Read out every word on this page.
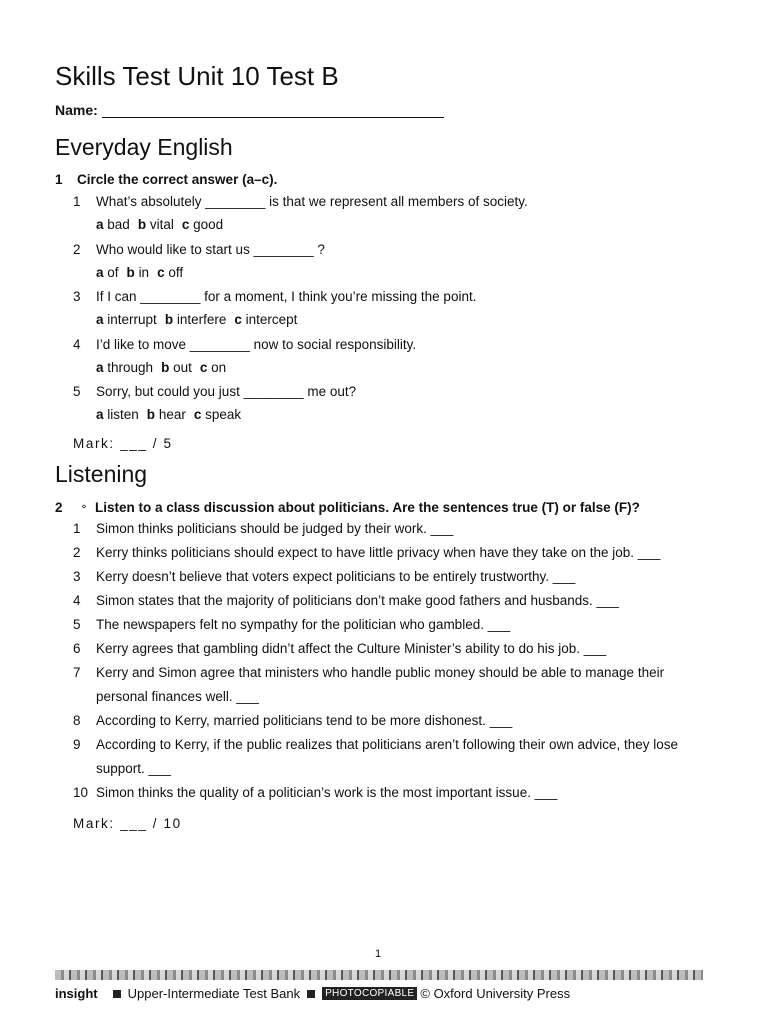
Skills Test Unit 10 Test B
Name:
Everyday English
1	Circle the correct answer (a–c).
1	What’s absolutely ________ is that we represent all members of society.
a bad b vital c good
2	Who would like to start us ________ ?
a of b in c off
3	If I can ________ for a moment, I think you’re missing the point.
a interrupt b interfere c intercept
4	I’d like to move ________ now to social responsibility.
a through b out c on
5	Sorry, but could you just ________ me out?
a listen b hear c speak
Mark: ___ / 5
Listening
2	⚬ Listen to a class discussion about politicians. Are the sentences true (T) or false (F)?
1	Simon thinks politicians should be judged by their work. ___
2	Kerry thinks politicians should expect to have little privacy when have they take on the job. ___
3	Kerry doesn’t believe that voters expect politicians to be entirely trustworthy. ___
4	Simon states that the majority of politicians don’t make good fathers and husbands. ___
5	The newspapers felt no sympathy for the politician who gambled. ___
6	Kerry agrees that gambling didn’t affect the Culture Minister’s ability to do his job. ___
7	Kerry and Simon agree that ministers who handle public money should be able to manage their personal finances well. ___
8	According to Kerry, married politicians tend to be more dishonest. ___
9	According to Kerry, if the public realizes that politicians aren’t following their own advice, they lose support. ___
10 Simon thinks the quality of a politician’s work is the most important issue. ___
Mark: ___ / 10
1
insight Upper-Intermediate Test Bank	PHOTOCOPIABLE © Oxford University Press
